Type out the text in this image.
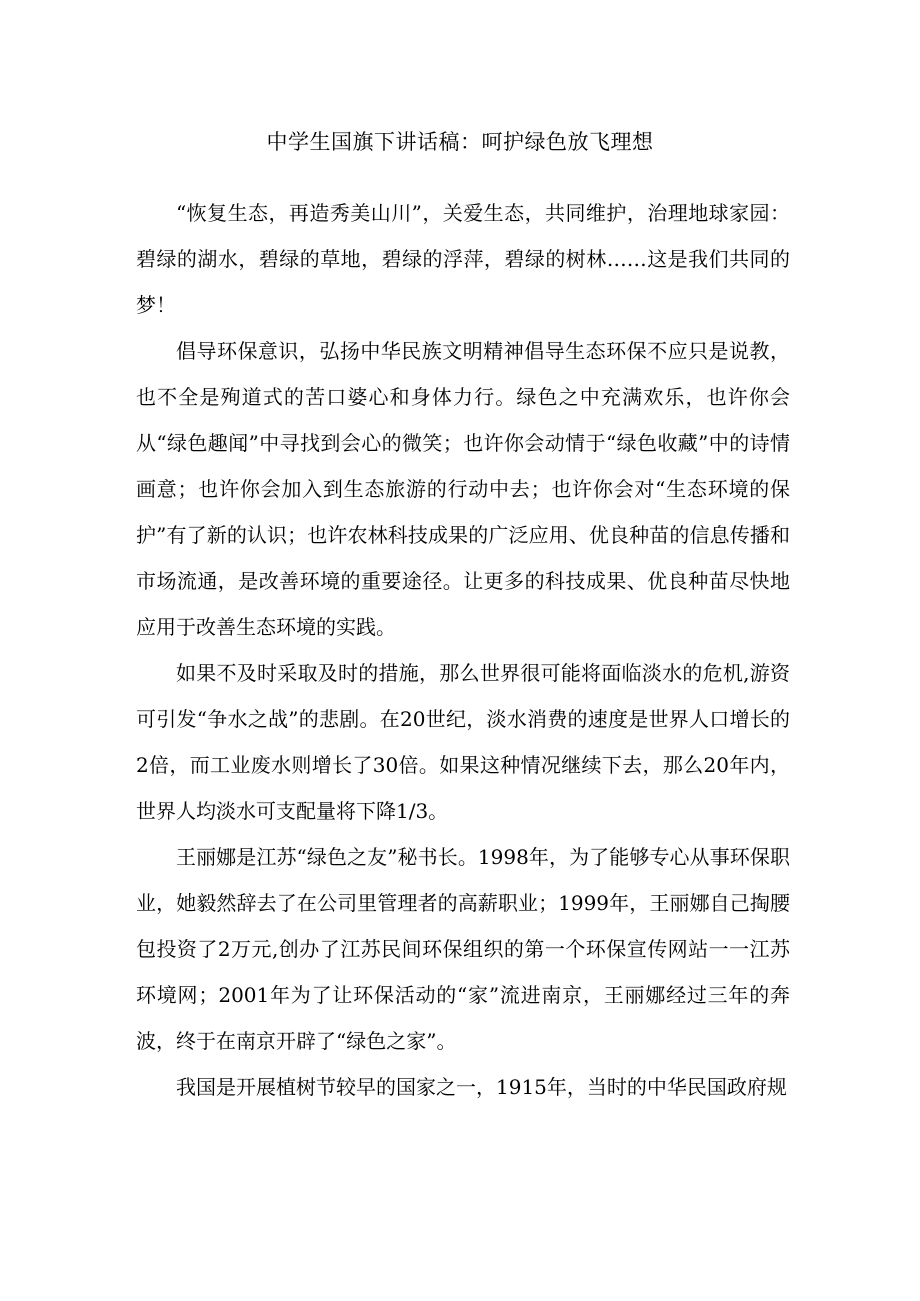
中学生国旗下讲话稿：呵护绿色放飞理想

“恢复生态，再造秀美山川”，关爱生态，共同维护，治理地球家园：碧绿的湖水，碧绿的草地，碧绿的浮萍，碧绿的树林……这是我们共同的梦！

倡导环保意识，弘扬中华民族文明精神倡导生态环保不应只是说教，也不全是殉道式的苦口婆心和身体力行。绿色之中充满欢乐，也许你会从“绿色趣闻”中寻找到会心的微笑；也许你会动情于“绿色收藏”中的诗情画意；也许你会加入到生态旅游的行动中去；也许你会对“生态环境的保护”有了新的认识；也许农林科技成果的广泛应用、优良种苗的信息传播和市场流通，是改善环境的重要途径。让更多的科技成果、优良种苗尽快地应用于改善生态环境的实践。

如果不及时采取及时的措施，那么世界很可能将面临淡水的危机,游资可引发“争水之战”的悲剧。在20世纪，淡水消费的速度是世界人口增长的2倍，而工业废水则增长了30倍。如果这种情况继续下去，那么20年内，世界人均淡水可支配量将下降1/3。

王丽娜是江苏“绿色之友”秘书长。1998年，为了能够专心从事环保职业，她毅然辞去了在公司里管理者的高薪职业；1999年，王丽娜自己掏腰包投资了2万元,创办了江苏民间环保组织的第一个环保宣传网站一一江苏环境网；2001年为了让环保活动的“家”流进南京，王丽娜经过三年的奔波，终于在南京开辟了“绿色之家”。

我国是开展植树节较早的国家之一，1915年，当时的中华民国政府规
